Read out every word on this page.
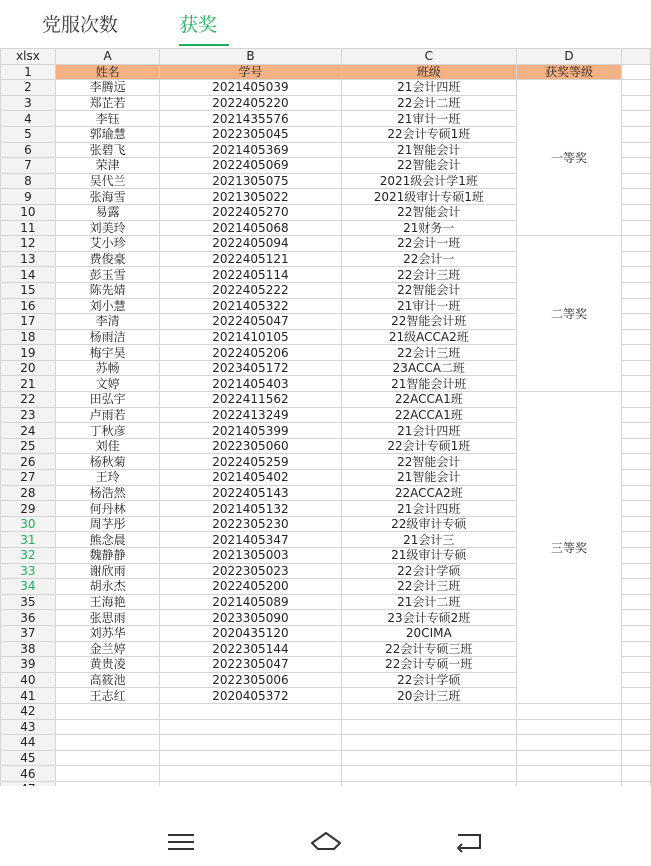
党服次数	获奖
xlsx	A	B	C	D	
1	姓名	学号	班级	获奖等级	
2	李腾远	2021405039	21会计四班	一等奖	
3	郑芷若	2022405220	22会计二班		
4	李钰	2021435576	21审计一班		
5	郭瑜慧	2022305045	22会计专硕1班		
6	张碧飞	2021405369	21智能会计		
7	荣津	2022405069	22智能会计		
8	吴代兰	2021305075	2021级会计学1班		
9	张海雪	2021305022	2021级审计专硕1班		
10	易露	2022405270	22智能会计		
11	刘美玲	2021405068	21财务一		
12	艾小珍	2022405094	22会计一班	二等奖	
13	费俊豪	2022405121	22会计一		
14	彭玉雪	2022405114	22会计三班		
15	陈先婧	2022405222	22智能会计		
16	刘小慧	2021405322	21审计一班		
17	李清	2022405047	22智能会计班		
18	杨雨洁	2021410105	21级ACCA2班		
19	梅宇昊	2022405206	22会计三班		
20	苏畅	2023405172	23ACCA二班		
21	文婷	2021405403	21智能会计班		
22	田弘宇	2022411562	22ACCA1班	三等奖	
23	卢雨若	2022413249	22ACCA1班		
24	丁秋彦	2021405399	21会计四班		
25	刘佳	2022305060	22会计专硕1班		
26	杨秋菊	2022405259	22智能会计		
27	王玲	2021405402	21智能会计		
28	杨浩然	2022405143	22ACCA2班		
29	何丹林	2021405132	21会计四班		
30	周芓彤	2022305230	22级审计专硕		
31	熊念晨	2021405347	21会计三		
32	魏静静	2021305003	21级审计专硕		
33	谢欣雨	2022305023	22会计学硕		
34	胡永杰	2022405200	22会计三班		
35	王海艳	2021405089	21会计二班		
36	张思雨	2023305090	23会计专硕2班		
37	刘苏华	2020435120	20CIMA		
38	金兰婷	2022305144	22会计专硕三班		
39	黄贵凌	2022305047	22会计专硕一班		
40	高筱池	2022305006	22会计学硕		
41	王志红	2020405372	20会计三班		
42					
43					
44					
45					
46					
